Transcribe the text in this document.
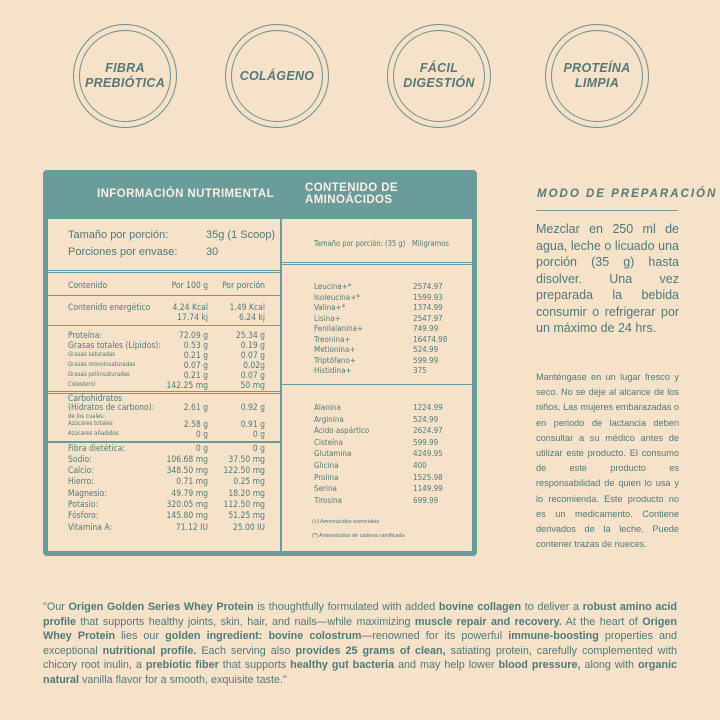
FIBRA
PREBIÓTICA
COLÁGENO
FÁCIL
DIGESTIÓN
PROTEÍNA
LIMPIA
INFORMACIÓN NUTRIMENTAL	CONTENIDO DE AMINOÁCIDOS
Tamaño por porción:	35g (1 Scoop)
Porciones por envase:	30
Contenido	Por 100 g	Por porción
Contenido energético	4.24 Kcal	1.49 Kcal
17.74 kj	6.24 kj
Proteína:	72.09 g	25.34 g
Grasas totales (Lípidos):	0.53 g	0.19 g
Grasas saturadas	0.21 g	0.07 g
Grasas monoinsaturadas	0.07 g	0.02g
Grasas poliinsaturadas	0.21 g	0.07 g
Colesterol	142.25 mg	50 mg
Carbohidratos
(Hidratos de carbono):	2.61 g	0.92 g
de los cuales:
Azúcares totales	2.58 g	0.91 g
Azúcares añadidos	0 g	0 g
Fibra dietética:	0 g	0 g
Sodio:	106.68 mg	37.50 mg
Calcio:	348.50 mg	122.50 mg
Hierro:	0.71 mg	0.25 mg
Magnesio:	49.79 mg	18.20 mg
Potasio:	320.05 mg	112.50 mg
Fósforo:	145.80 mg	51.25 mg
Vitamina A:	71.12 IU	25.00 IU
Tamaño por porción: (35 g) Miligramos
Leucina+*	2574.97
Isoleucina+*	1599.93
Valina+*	1374.99
Lisina+	2547.97
Fenilalanina+	749.99
Treonina+	16474.98
Metionina+	524.99
Triptófano+	599.99
Histidina+	375
Alanina	1224.99
Arginina	524.99
Ácido aspártico	2624.97
Cisteína	599.99
Glutamina	4249.95
Glicina	400
Prolina	1525.98
Serina	1149.99
Tirosina	699.99
(+) Aminoácidos esenciales
(*) Aminoácidos de cadena ramificada
MODO DE PREPARACIÓN
Mezclar en 250 ml de agua, leche o licuado una porción (35 g) hasta disolver. Una vez preparada la bebida consumir o refrigerar por un máximo de 24 hrs.
Manténgase en un lugar fresco y seco. No se deje al alcance de los niños. Las mujeres embarazadas o en periodo de lactancia deben consultar a su médico antes de utilizar este producto. El consumo de este producto es responsabilidad de quien lo usa y lo recomienda. Este producto no es un medicamento. Contiene derivados de la leche. Puede contener trazas de nueces.
"Our Origen Golden Series Whey Protein is thoughtfully formulated with added bovine collagen to deliver a robust amino acid profile that supports healthy joints, skin, hair, and nails—while maximizing muscle repair and recovery. At the heart of Origen Whey Protein lies our golden ingredient: bovine colostrum—renowned for its powerful immune-boosting properties and exceptional nutritional profile. Each serving also provides 25 grams of clean, satiating protein, carefully complemented with chicory root inulin, a prebiotic fiber that supports healthy gut bacteria and may help lower blood pressure, along with organic natural vanilla flavor for a smooth, exquisite taste."
